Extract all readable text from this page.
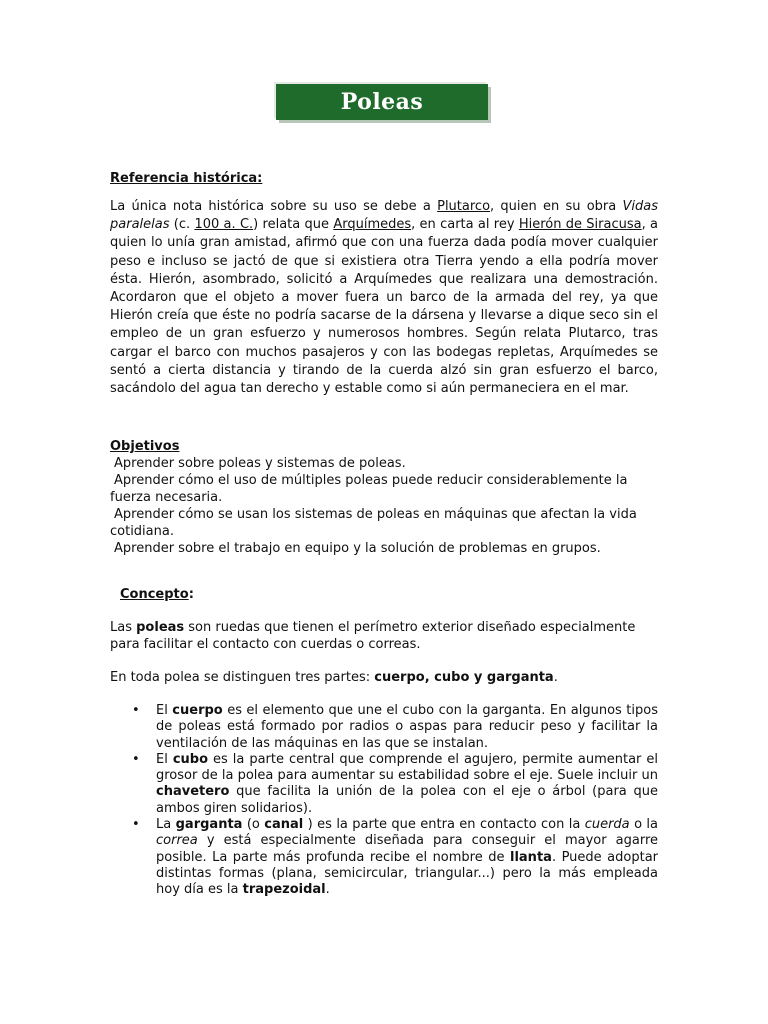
Poleas
Referencia histórica:
La única nota histórica sobre su uso se debe a Plutarco, quien en su obra Vidas paralelas (c. 100 a. C.) relata que Arquímedes, en carta al rey Hierón de Siracusa, a quien lo unía gran amistad, afirmó que con una fuerza dada podía mover cualquier peso e incluso se jactó de que si existiera otra Tierra yendo a ella podría mover ésta. Hierón, asombrado, solicitó a Arquímedes que realizara una demostración. Acordaron que el objeto a mover fuera un barco de la armada del rey, ya que Hierón creía que éste no podría sacarse de la dársena y llevarse a dique seco sin el empleo de un gran esfuerzo y numerosos hombres. Según relata Plutarco, tras cargar el barco con muchos pasajeros y con las bodegas repletas, Arquímedes se sentó a cierta distancia y tirando de la cuerda alzó sin gran esfuerzo el barco, sacándolo del agua tan derecho y estable como si aún permaneciera en el mar.
Objetivos
Aprender sobre poleas y sistemas de poleas.
Aprender cómo el uso de múltiples poleas puede reducir considerablemente la fuerza necesaria.
Aprender cómo se usan los sistemas de poleas en máquinas que afectan la vida cotidiana.
Aprender sobre el trabajo en equipo y la solución de problemas en grupos.
Concepto:
Las poleas son ruedas que tienen el perímetro exterior diseñado especialmente para facilitar el contacto con cuerdas o correas.
En toda polea se distinguen tres partes: cuerpo, cubo y garganta.
• El cuerpo es el elemento que une el cubo con la garganta. En algunos tipos de poleas está formado por radios o aspas para reducir peso y facilitar la ventilación de las máquinas en las que se instalan.
• El cubo es la parte central que comprende el agujero, permite aumentar el grosor de la polea para aumentar su estabilidad sobre el eje. Suele incluir un chavetero que facilita la unión de la polea con el eje o árbol (para que ambos giren solidarios).
• La garganta (o canal ) es la parte que entra en contacto con la cuerda o la correa y está especialmente diseñada para conseguir el mayor agarre posible. La parte más profunda recibe el nombre de llanta. Puede adoptar distintas formas (plana, semicircular, triangular...) pero la más empleada hoy día es la trapezoidal.
